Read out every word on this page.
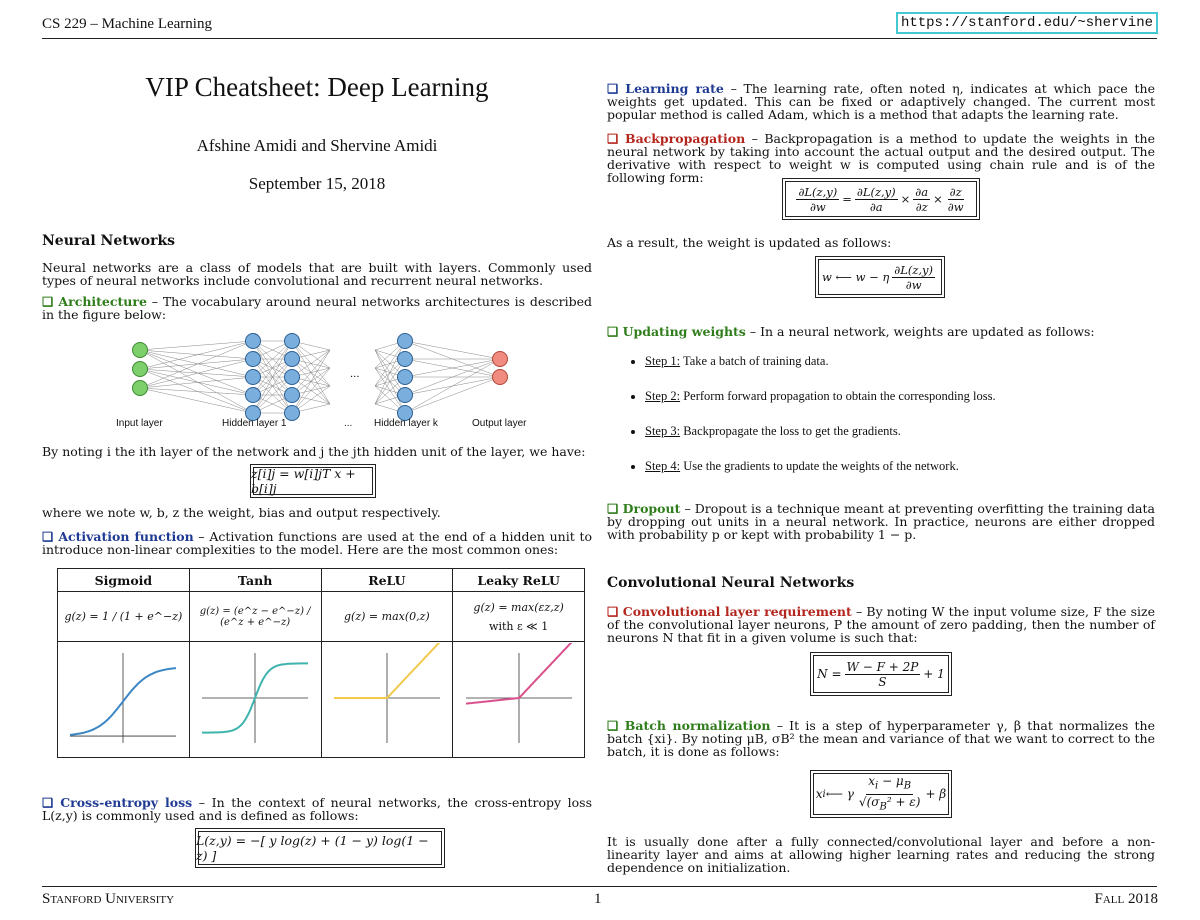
CS 229 – Machine Learning	https://stanford.edu/~shervine
VIP Cheatsheet: Deep Learning
Afshine Amidi and Shervine Amidi
September 15, 2018
Neural Networks
Neural networks are a class of models that are built with layers. Commonly used types of neural networks include convolutional and recurrent neural networks.
❏ Architecture – The vocabulary around neural networks architectures is described in the figure below:
...
Input layer	Hidden layer 1	... Hidden layer k	Output layer
By noting i the ith layer of the network and j the jth hidden unit of the layer, we have:
z[i]j = w[i]jT x + b[i]j
where we note w, b, z the weight, bias and output respectively.
❏ Activation function – Activation functions are used at the end of a hidden unit to introduce non-linear complexities to the model. Here are the most common ones:
Sigmoid	Tanh	ReLU	Leaky ReLU
g(z) = 1 / (1 + e^−z)	g(z) = (e^z − e^−z) / (e^z + e^−z)	g(z) = max(0,z)	g(z) = max(εz,z)
with ε ≪ 1

❏ Cross-entropy loss – In the context of neural networks, the cross-entropy loss L(z,y) is commonly used and is defined as follows:
L(z,y) = −[ y log(z) + (1 − y) log(1 − z) ]
❏ Learning rate – The learning rate, often noted η, indicates at which pace the weights get updated. This can be fixed or adaptively changed. The current most popular method is called Adam, which is a method that adapts the learning rate.
❏ Backpropagation – Backpropagation is a method to update the weights in the neural network by taking into account the actual output and the desired output. The derivative with respect to weight w is computed using chain rule and is of the following form:
$\frac{\partial L(z,y)}{\partial w} = \frac{\partial L(z,y)}{\partial a} \times \frac{\partial a}{\partial z} \times \frac{\partial z}{\partial w}$
As a result, the weight is updated as follows:
w ⟵ w − η $\frac{\partial L(z,y)}{\partial w}$
❏ Updating weights – In a neural network, weights are updated as follows:
• Step 1: Take a batch of training data.
• Step 2: Perform forward propagation to obtain the corresponding loss.
• Step 3: Backpropagate the loss to get the gradients.
• Step 4: Use the gradients to update the weights of the network.
❏ Dropout – Dropout is a technique meant at preventing overfitting the training data by dropping out units in a neural network. In practice, neurons are either dropped with probability p or kept with probability 1 − p.
Convolutional Neural Networks
❏ Convolutional layer requirement – By noting W the input volume size, F the size of the convolutional layer neurons, P the amount of zero padding, then the number of neurons N that fit in a given volume is such that:
$N = \frac{W - F + 2P}{S} + 1$
❏ Batch normalization – It is a step of hyperparameter γ, β that normalizes the batch {xi}. By noting μB, σB² the mean and variance of that we want to correct to the batch, it is done as follows:
x i ⟵ γ $\frac{x_i - \mu_B}{√(\sigma_B^2 + \varepsilon)} + \beta$
It is usually done after a fully connected/convolutional layer and before a non-linearity layer and aims at allowing higher learning rates and reducing the strong dependence on initialization.
Stanford University	1	Fall 2018
